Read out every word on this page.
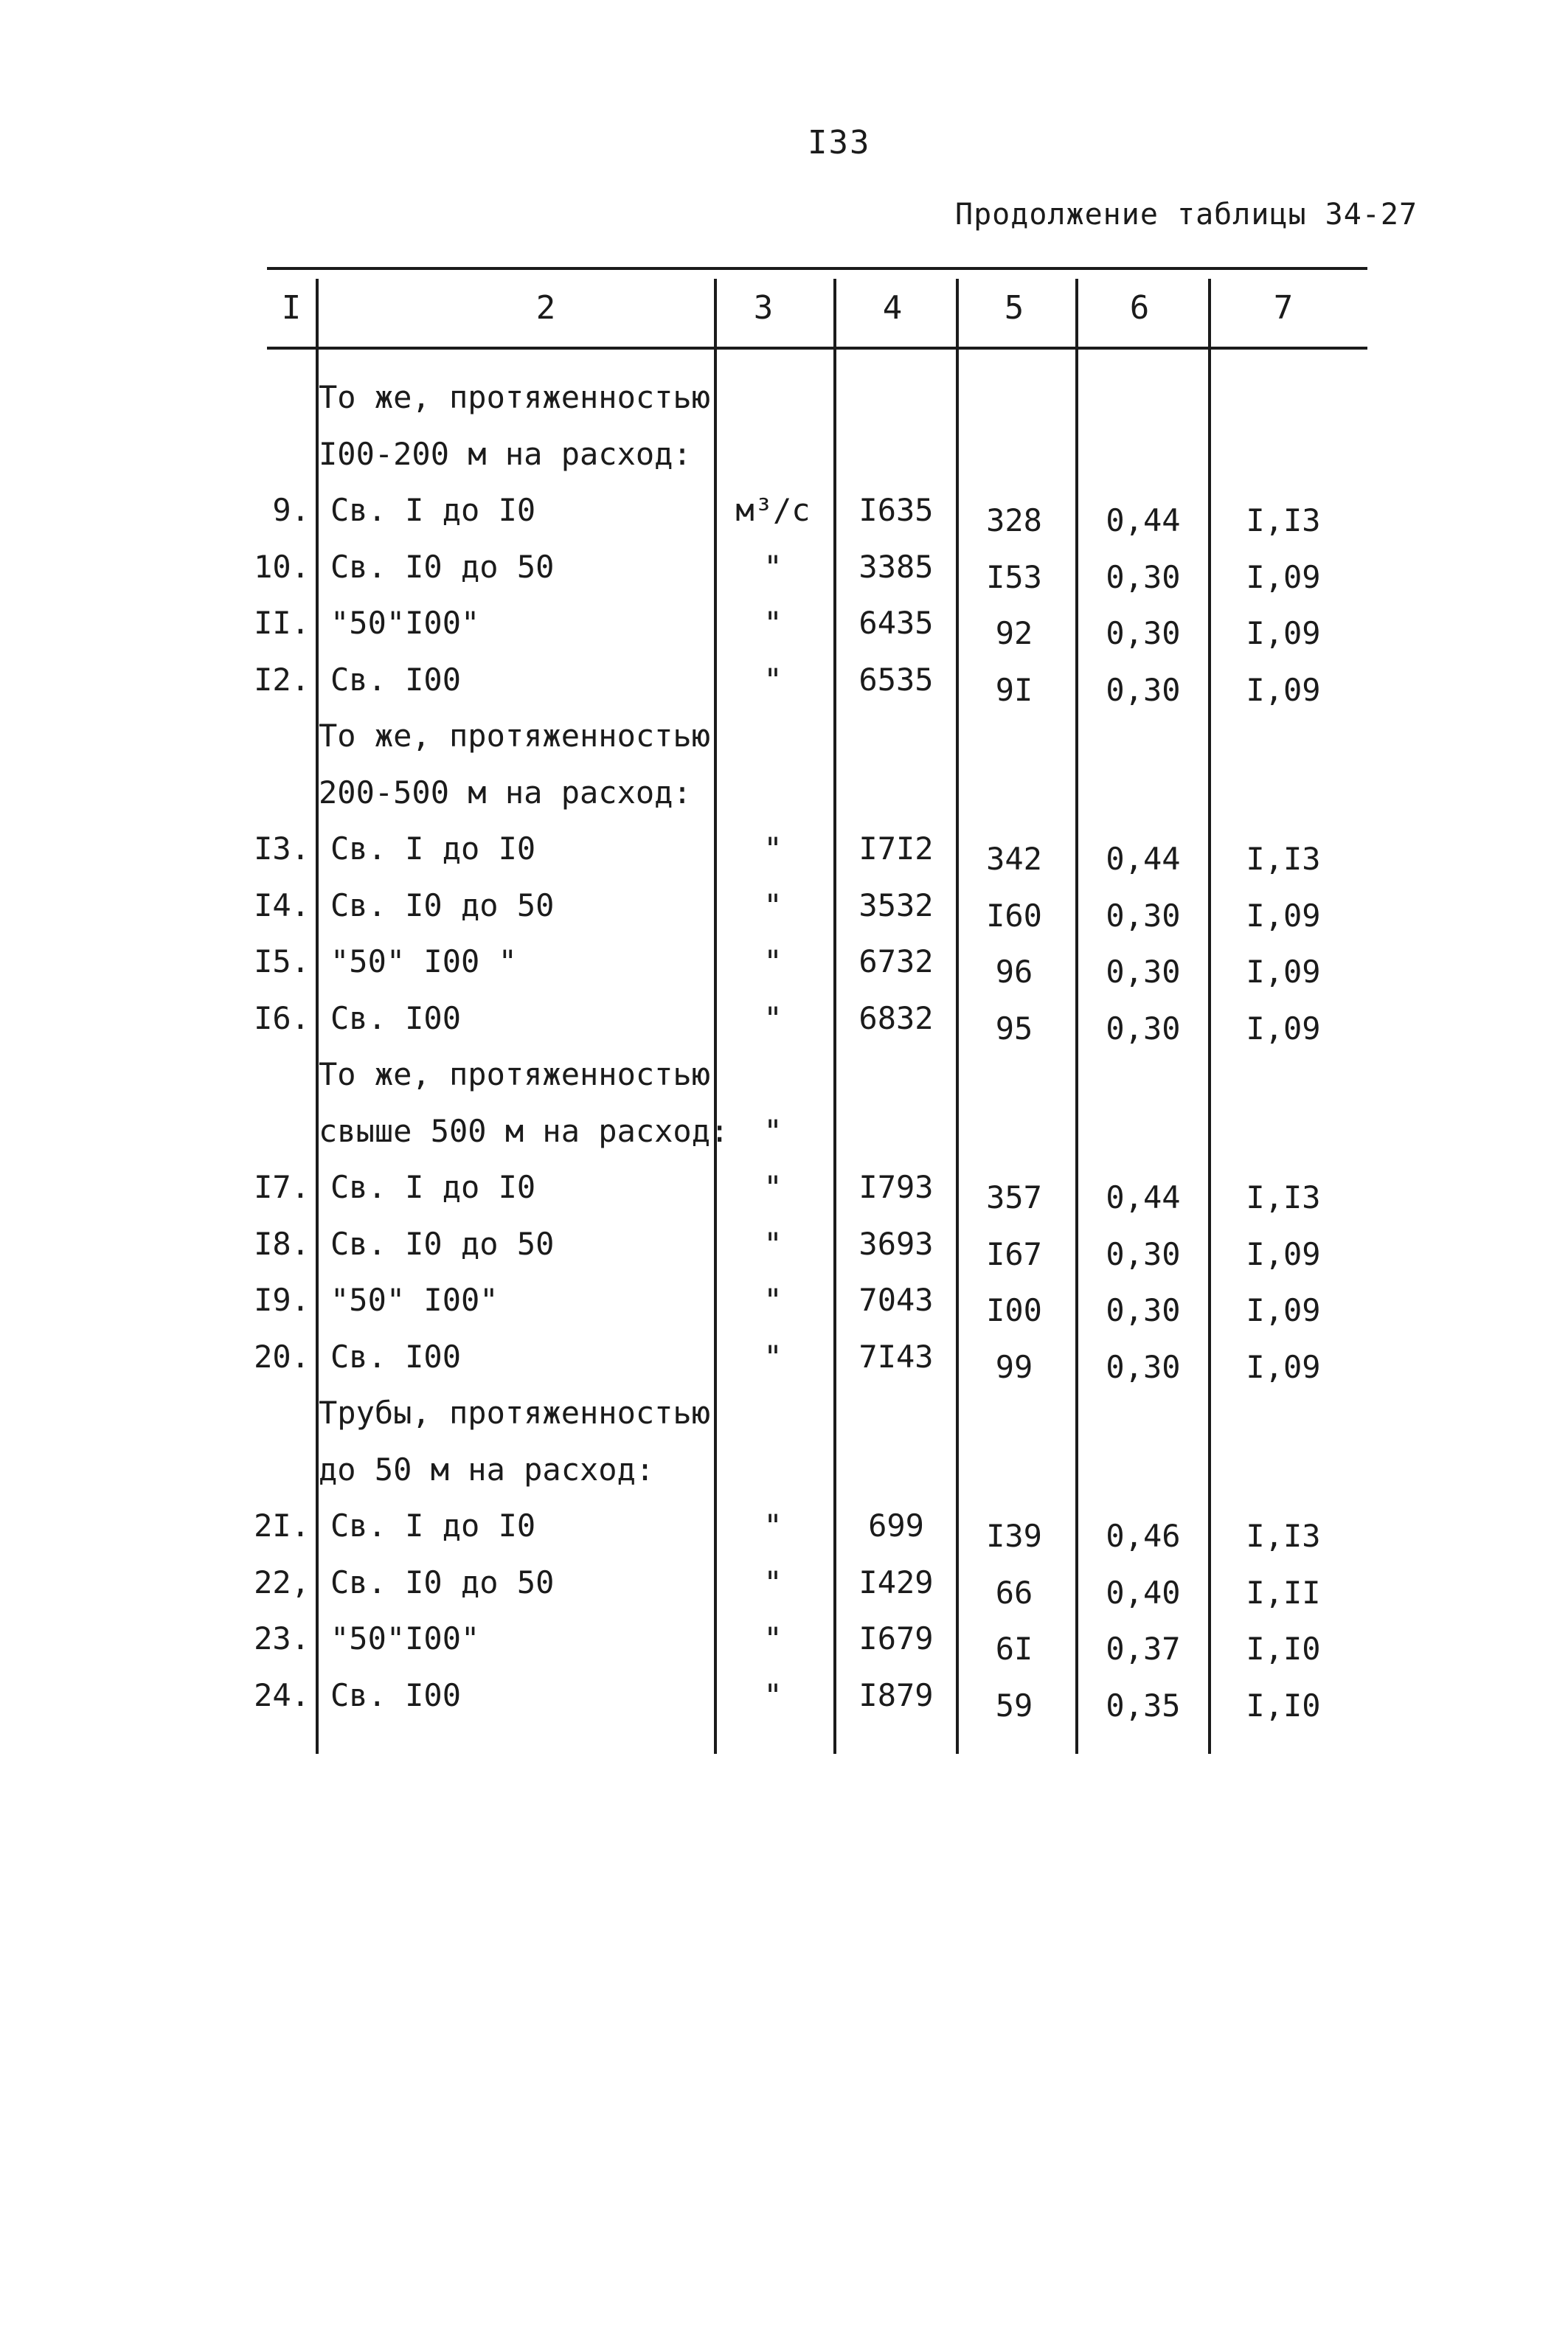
I33
Продолжение таблицы 34-27
I	2	3	4	5	6	7
То же, протяженностью
I00-200 м на расход:
9. Св. I до I0	м³/с	I635	328	0,44	I,I3
10. Св. I0 до 50	"	3385	I53	0,30	I,09
II. "50"I00"	"	6435	92	0,30	I,09
I2. Св. I00	"	6535	9I	0,30	I,09
То же, протяженностью
200-500 м на расход:
I3. Св. I до I0	"	I7I2	342	0,44	I,I3
I4. Св. I0 до 50	"	3532	I60	0,30	I,09
I5. "50" I00 "	"	6732	96	0,30	I,09
I6. Св. I00	"	6832	95	0,30	I,09
То же, протяженностью
свыше 500 м на расход:	"
I7. Св. I до I0	"	I793	357	0,44	I,I3
I8. Св. I0 до 50	"	3693	I67	0,30	I,09
I9. "50" I00"	"	7043	I00	0,30	I,09
20. Св. I00	"	7I43	99	0,30	I,09
Трубы, протяженностью
до 50 м на расход:
2I. Св. I до I0	"	699	I39	0,46	I,I3
22, Св. I0 до 50	"	I429	66	0,40	I,II
23. "50"I00"	"	I679	6I	0,37	I,I0
24. Св. I00	"	I879	59	0,35	I,I0
